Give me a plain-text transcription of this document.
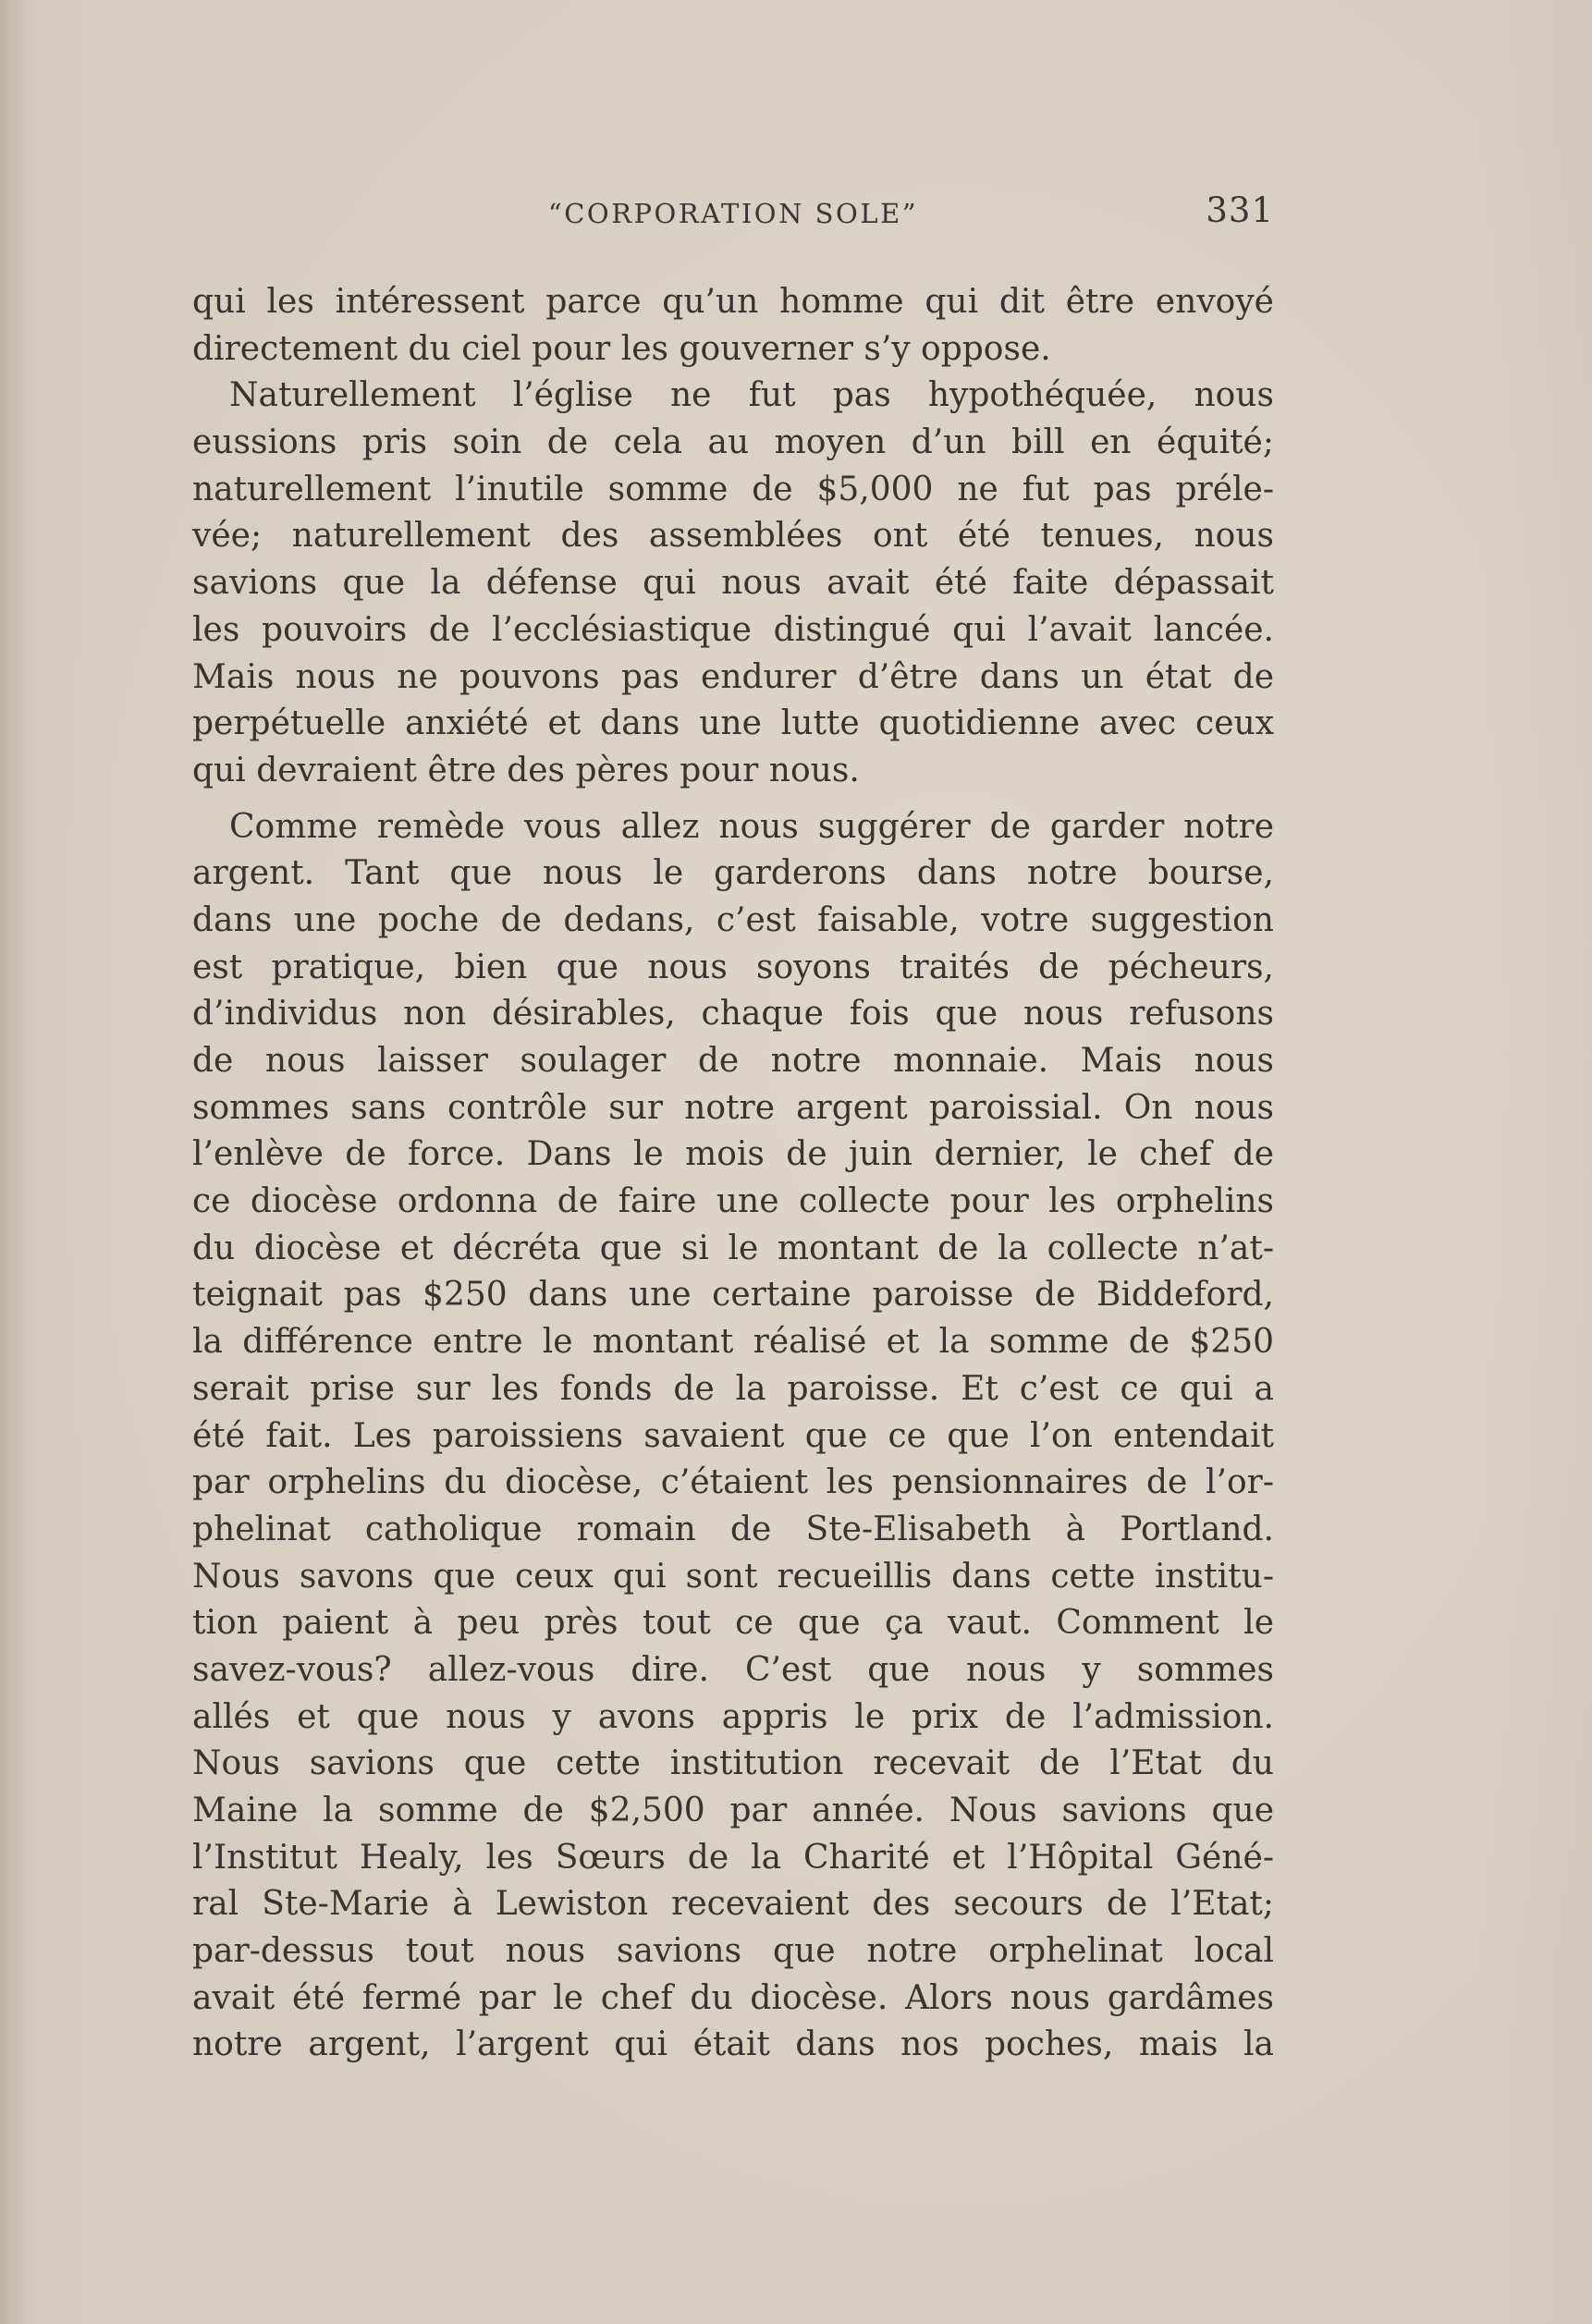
“CORPORATION SOLE”	331
qui les intéressent parce qu’un homme qui dit être envoyé
directement du ciel pour les gouverner s’y oppose.
Naturellement l’église ne fut pas hypothéquée, nous
eussions pris soin de cela au moyen d’un bill en équité;
naturellement l’inutile somme de $5,000 ne fut pas préle-
vée; naturellement des assemblées ont été tenues, nous
savions que la défense qui nous avait été faite dépassait
les pouvoirs de l’ecclésiastique distingué qui l’avait lancée.
Mais nous ne pouvons pas endurer d’être dans un état de
perpétuelle anxiété et dans une lutte quotidienne avec ceux
qui devraient être des pères pour nous.
Comme remède vous allez nous suggérer de garder notre
argent. Tant que nous le garderons dans notre bourse,
dans une poche de dedans, c’est faisable, votre suggestion
est pratique, bien que nous soyons traités de pécheurs,
d’individus non désirables, chaque fois que nous refusons
de nous laisser soulager de notre monnaie. Mais nous
sommes sans contrôle sur notre argent paroissial. On nous
l’enlève de force. Dans le mois de juin dernier, le chef de
ce diocèse ordonna de faire une collecte pour les orphelins
du diocèse et décréta que si le montant de la collecte n’at-
teignait pas $250 dans une certaine paroisse de Biddeford,
la différence entre le montant réalisé et la somme de $250
serait prise sur les fonds de la paroisse. Et c’est ce qui a
été fait. Les paroissiens savaient que ce que l’on entendait
par orphelins du diocèse, c’étaient les pensionnaires de l’or-
phelinat catholique romain de Ste-Elisabeth à Portland.
Nous savons que ceux qui sont recueillis dans cette institu-
tion paient à peu près tout ce que ça vaut. Comment le
savez-vous? allez-vous dire. C’est que nous y sommes
allés et que nous y avons appris le prix de l’admission.
Nous savions que cette institution recevait de l’Etat du
Maine la somme de $2,500 par année. Nous savions que
l’Institut Healy, les Sœurs de la Charité et l’Hôpital Géné-
ral Ste-Marie à Lewiston recevaient des secours de l’Etat;
par-dessus tout nous savions que notre orphelinat local
avait été fermé par le chef du diocèse. Alors nous gardâmes
notre argent, l’argent qui était dans nos poches, mais la
